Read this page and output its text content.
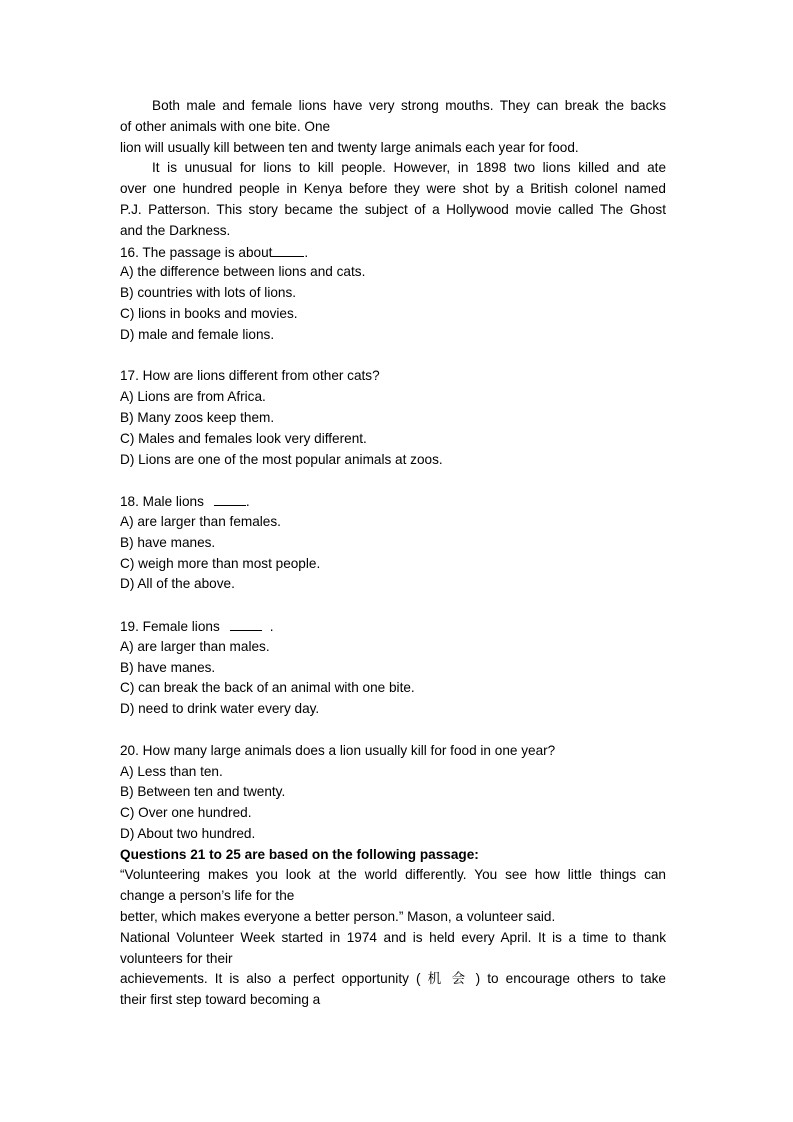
Both male and female lions have very strong mouths. They can break the backs
of other animals with one bite. One
lion will usually kill between ten and twenty large animals each year for food.
It is unusual for lions to kill people. However, in 1898 two lions killed and ate
over one hundred people in Kenya before they were shot by a British colonel named
P.J. Patterson. This story became the subject of a Hollywood movie called The Ghost
and the Darkness.
16. The passage is about .
A) the difference between lions and cats.
B) countries with lots of lions.
C) lions in books and movies.
D) male and female lions.
17. How are lions different from other cats?
A) Lions are from Africa.
B) Many zoos keep them.
C) Males and females look very different.
D) Lions are one of the most popular animals at zoos.
18. Male lions	.
A) are larger than females.
B) have manes.
C) weigh more than most people.
D) All of the above.
19. Female lions	.
A) are larger than males.
B) have manes.
C) can break the back of an animal with one bite.
D) need to drink water every day.
20. How many large animals does a lion usually kill for food in one year?
A) Less than ten.
B) Between ten and twenty.
C) Over one hundred.
D) About two hundred.
Questions 21 to 25 are based on the following passage:
“Volunteering makes you look at the world differently. You see how little things can
change a person’s life for the
better, which makes everyone a better person.” Mason, a volunteer said.
National Volunteer Week started in 1974 and is held every April. It is a time to thank
volunteers for their
achievements. It is also a perfect opportunity ( 机 会 ) to encourage others to take
their first step toward becoming a
